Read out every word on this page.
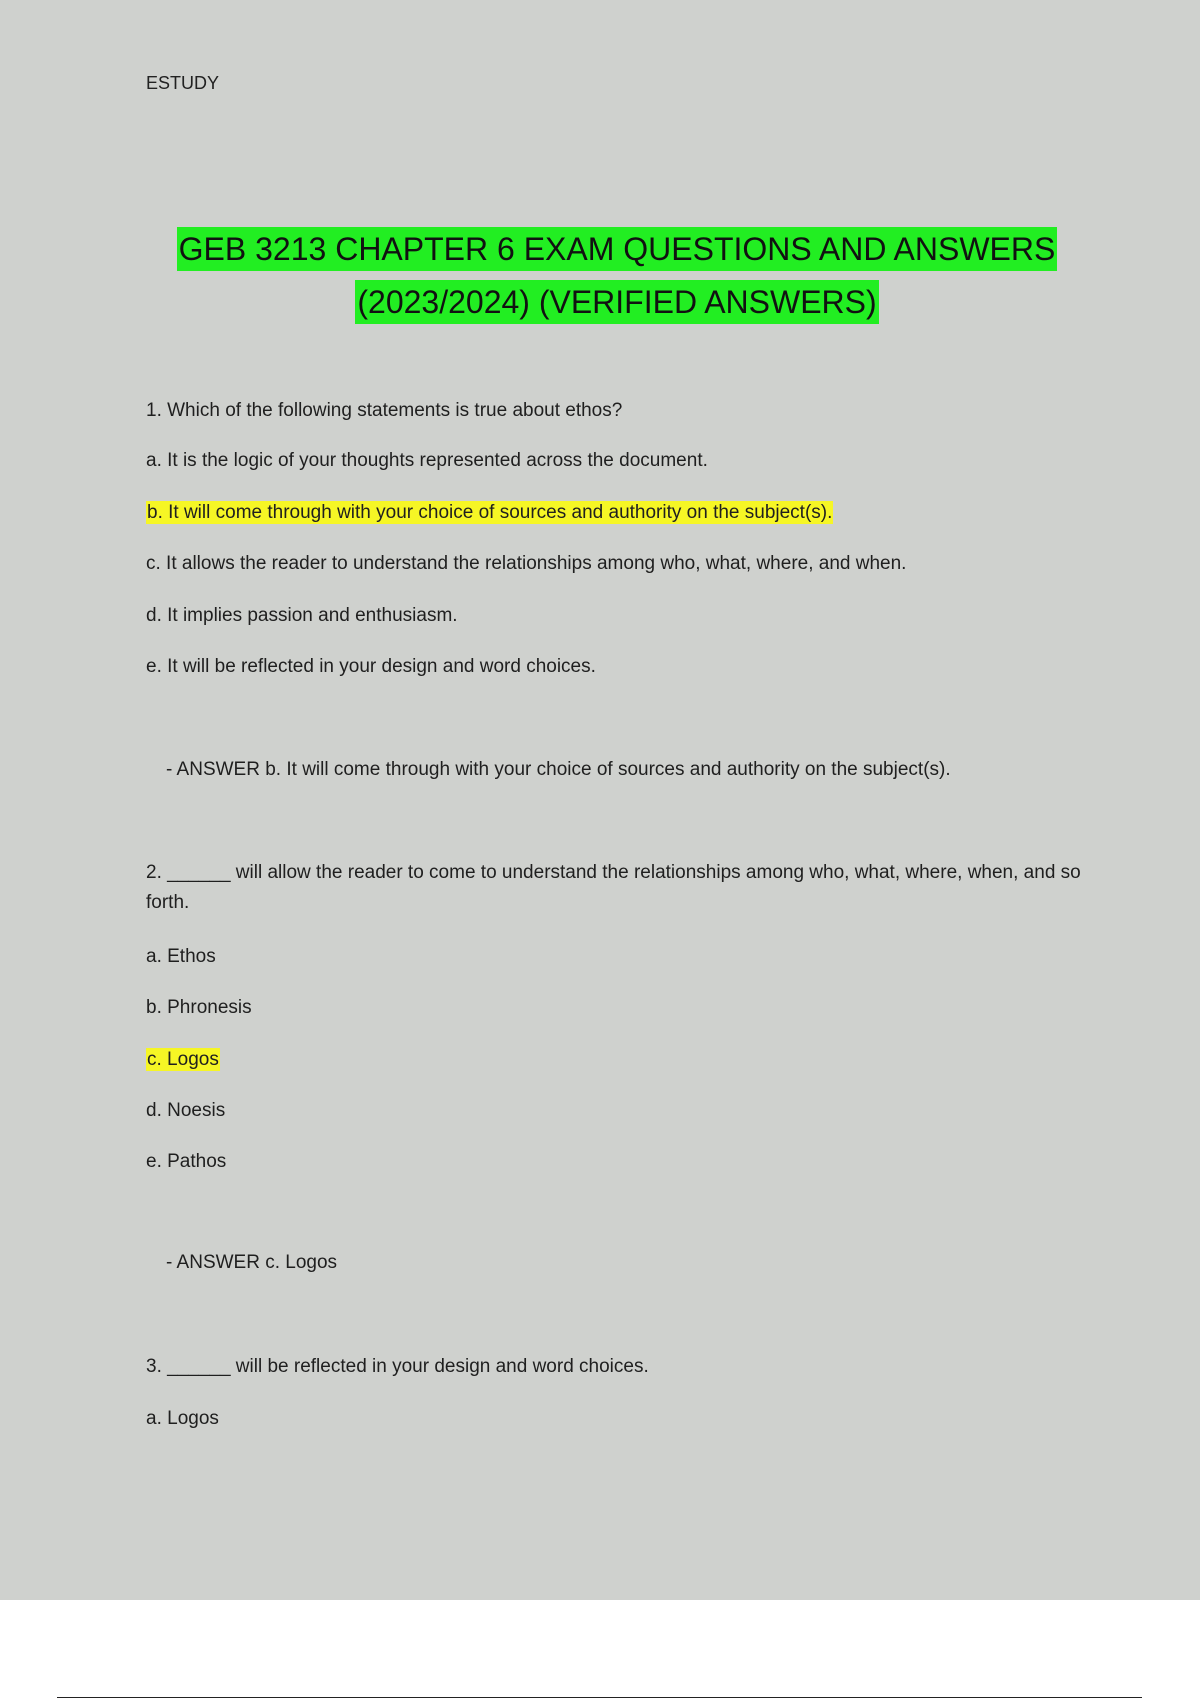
ESTUDY
GEB 3213 CHAPTER 6 EXAM QUESTIONS AND ANSWERS
(2023/2024) (VERIFIED ANSWERS)
1. Which of the following statements is true about ethos?
a. It is the logic of your thoughts represented across the document.
b. It will come through with your choice of sources and authority on the subject(s).
c. It allows the reader to understand the relationships among who, what, where, and when.
d. It implies passion and enthusiasm.
e. It will be reflected in your design and word choices.
- ANSWER b. It will come through with your choice of sources and authority on the subject(s).
2. ______ will allow the reader to come to understand the relationships among who, what, where, when, and so forth.
a. Ethos
b. Phronesis
c. Logos
d. Noesis
e. Pathos
- ANSWER c. Logos
3. ______ will be reflected in your design and word choices.
a. Logos
